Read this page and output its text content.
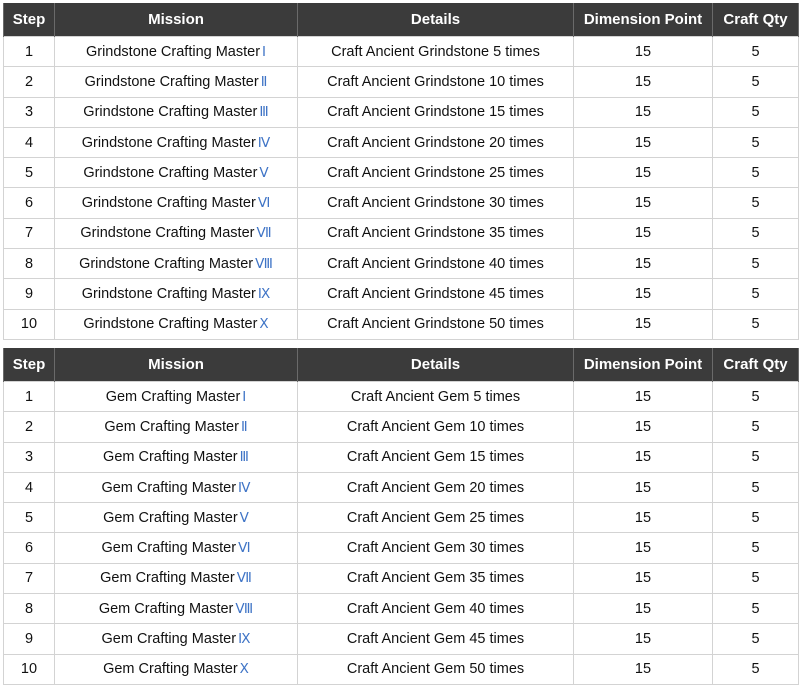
Step	Mission	Details	Dimension Point	Craft Qty
1	Grindstone Crafting Master Ⅰ	Craft Ancient Grindstone 5 times	15	5
2	Grindstone Crafting Master Ⅱ	Craft Ancient Grindstone 10 times	15	5
3	Grindstone Crafting Master Ⅲ	Craft Ancient Grindstone 15 times	15	5
4	Grindstone Crafting Master Ⅳ	Craft Ancient Grindstone 20 times	15	5
5	Grindstone Crafting Master Ⅴ	Craft Ancient Grindstone 25 times	15	5
6	Grindstone Crafting Master Ⅵ	Craft Ancient Grindstone 30 times	15	5
7	Grindstone Crafting Master Ⅶ	Craft Ancient Grindstone 35 times	15	5
8	Grindstone Crafting Master Ⅷ	Craft Ancient Grindstone 40 times	15	5
9	Grindstone Crafting Master Ⅸ	Craft Ancient Grindstone 45 times	15	5
10	Grindstone Crafting Master Ⅹ	Craft Ancient Grindstone 50 times	15	5
Step	Mission	Details	Dimension Point	Craft Qty
1	Gem Crafting Master Ⅰ	Craft Ancient Gem 5 times	15	5
2	Gem Crafting Master Ⅱ	Craft Ancient Gem 10 times	15	5
3	Gem Crafting Master Ⅲ	Craft Ancient Gem 15 times	15	5
4	Gem Crafting Master Ⅳ	Craft Ancient Gem 20 times	15	5
5	Gem Crafting Master Ⅴ	Craft Ancient Gem 25 times	15	5
6	Gem Crafting Master Ⅵ	Craft Ancient Gem 30 times	15	5
7	Gem Crafting Master Ⅶ	Craft Ancient Gem 35 times	15	5
8	Gem Crafting Master Ⅷ	Craft Ancient Gem 40 times	15	5
9	Gem Crafting Master Ⅸ	Craft Ancient Gem 45 times	15	5
10	Gem Crafting Master Ⅹ	Craft Ancient Gem 50 times	15	5
